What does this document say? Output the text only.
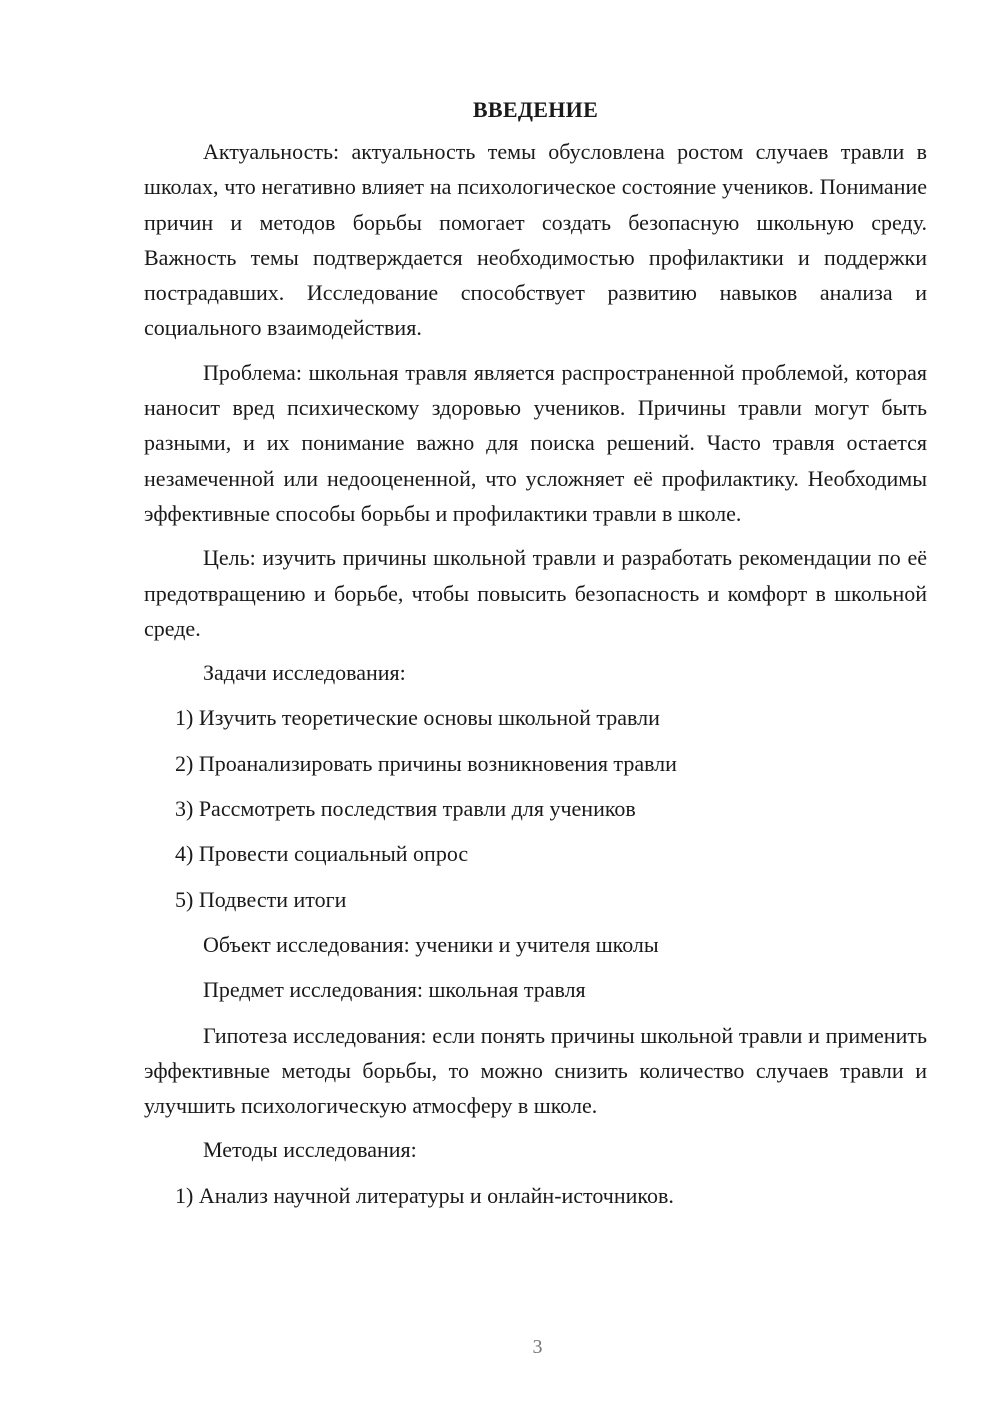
ВВЕДЕНИЕ
Актуальность: актуальность темы обусловлена ростом случаев травли в школах, что негативно влияет на психологическое состояние учеников. Понимание причин и методов борьбы помогает создать безопасную школьную среду. Важность темы подтверждается необходимостью профилактики и поддержки пострадавших. Исследование способствует развитию навыков анализа и социального взаимодействия.
Проблема: школьная травля является распространенной проблемой, которая наносит вред психическому здоровью учеников. Причины травли могут быть разными, и их понимание важно для поиска решений. Часто травля остается незамеченной или недооцененной, что усложняет её профилактику. Необходимы эффективные способы борьбы и профилактики травли в школе.
Цель: изучить причины школьной травли и разработать рекомендации по её предотвращению и борьбе, чтобы повысить безопасность и комфорт в школьной среде.
Задачи исследования:
1) Изучить теоретические основы школьной травли
2) Проанализировать причины возникновения травли
3) Рассмотреть последствия травли для учеников
4) Провести социальный опрос
5) Подвести итоги
Объект исследования: ученики и учителя школы
Предмет исследования: школьная травля
Гипотеза исследования: если понять причины школьной травли и применить эффективные методы борьбы, то можно снизить количество случаев травли и улучшить психологическую атмосферу в школе.
Методы исследования:
1) Анализ научной литературы и онлайн-источников.
3
